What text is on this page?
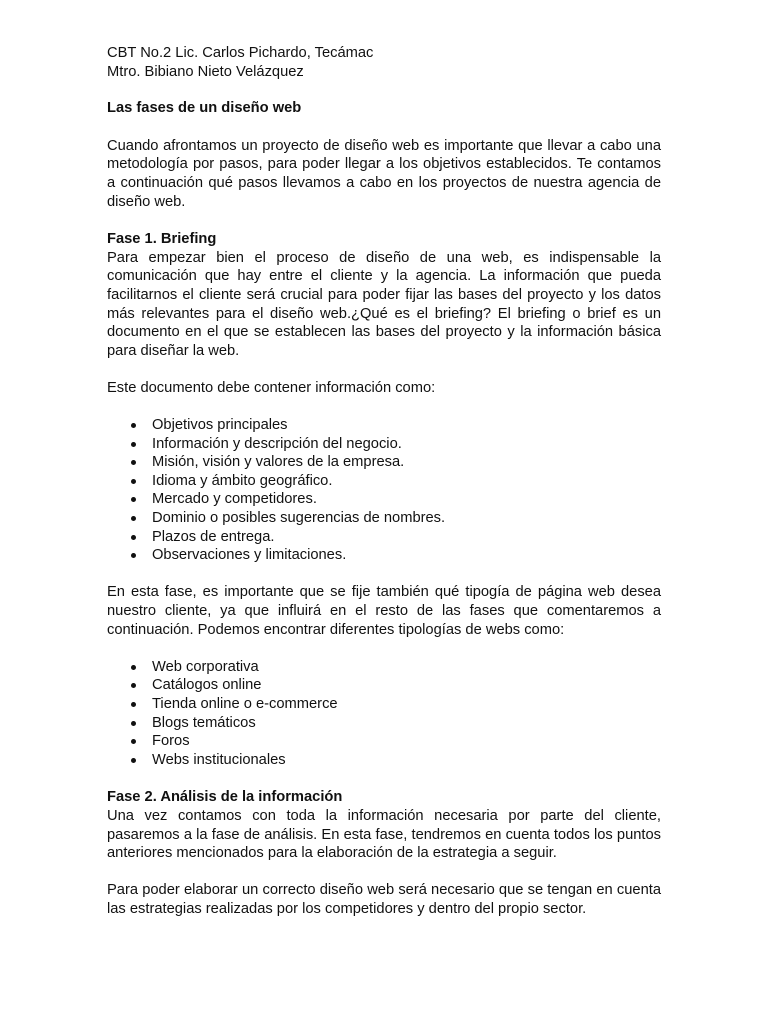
CBT No.2 Lic. Carlos Pichardo, Tecámac

Mtro. Bibiano Nieto Velázquez

Las fases de un diseño web

Cuando afrontamos un proyecto de diseño web es importante que llevar a cabo una metodología por pasos, para poder llegar a los objetivos establecidos. Te contamos a continuación qué pasos llevamos a cabo en los proyectos de nuestra agencia de diseño web.

Fase 1. Briefing

Para empezar bien el proceso de diseño de una web, es indispensable la comunicación que hay entre el cliente y la agencia. La información que pueda facilitarnos el cliente será crucial para poder fijar las bases del proyecto y los datos más relevantes para el diseño web.¿Qué es el briefing? El briefing o brief es un documento en el que se establecen las bases del proyecto y la información básica para diseñar la web.

Este documento debe contener información como:

Objetivos principales
Información y descripción del negocio.
Misión, visión y valores de la empresa.
Idioma y ámbito geográfico.
Mercado y competidores.
Dominio o posibles sugerencias de nombres.
Plazos de entrega.
Observaciones y limitaciones.

En esta fase, es importante que se fije también qué tipogía de página web desea nuestro cliente, ya que influirá en el resto de las fases que comentaremos a continuación. Podemos encontrar diferentes tipologías de webs como:

Web corporativa
Catálogos online
Tienda online o e-commerce
Blogs temáticos
Foros
Webs institucionales

Fase 2. Análisis de la información

Una vez contamos con toda la información necesaria por parte del cliente, pasaremos a la fase de análisis. En esta fase, tendremos en cuenta todos los puntos anteriores mencionados para la elaboración de la estrategia a seguir.

Para poder elaborar un correcto diseño web será necesario que se tengan en cuenta las estrategias realizadas por los competidores y dentro del propio sector.
